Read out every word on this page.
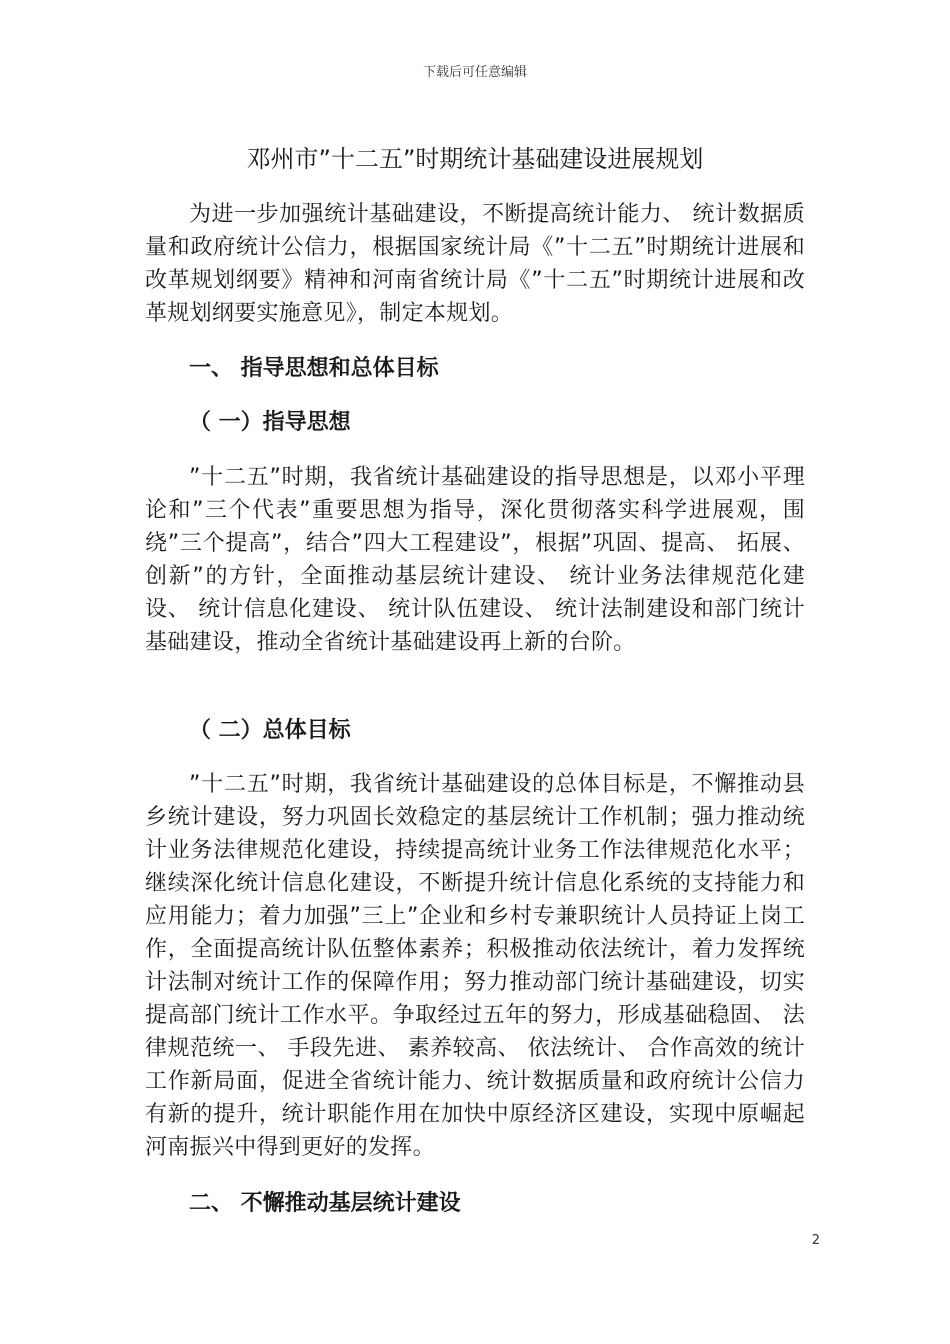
下载后可任意编辑
邓州市”十二五”时期统计基础建设进展规划

为进一步加强统计基础建设，不断提高统计能力、 统计数据质量和政府统计公信力，根据国家统计局《”十二五”时期统计进展和改革规划纲要》精神和河南省统计局《”十二五”时期统计进展和改革规划纲要实施意见》，制定本规划。

一、 指导思想和总体目标
（ 一）指导思想

”十二五”时期，我省统计基础建设的指导思想是，以邓小平理论和”三个代表”重要思想为指导，深化贯彻落实科学进展观，围绕”三个提高”，结合”四大工程建设”，根据”巩固、提高、 拓展、 创新”的方针，全面推动基层统计建设、 统计业务法律规范化建设、 统计信息化建设、 统计队伍建设、 统计法制建设和部门统计基础建设，推动全省统计基础建设再上新的台阶。

（ 二）总体目标

”十二五”时期，我省统计基础建设的总体目标是，不懈推动县乡统计建设，努力巩固长效稳定的基层统计工作机制；强力推动统计业务法律规范化建设，持续提高统计业务工作法律规范化水平；继续深化统计信息化建设，不断提升统计信息化系统的支持能力和应用能力；着力加强”三上”企业和乡村专兼职统计人员持证上岗工作，全面提高统计队伍整体素养；积极推动依法统计，着力发挥统计法制对统计工作的保障作用；努力推动部门统计基础建设，切实提高部门统计工作水平。争取经过五年的努力，形成基础稳固、 法律规范统一、 手段先进、 素养较高、 依法统计、 合作高效的统计工作新局面，促进全省统计能力、统计数据质量和政府统计公信力有新的提升，统计职能作用在加快中原经济区建设，实现中原崛起河南振兴中得到更好的发挥。

二、 不懈推动基层统计建设
2
